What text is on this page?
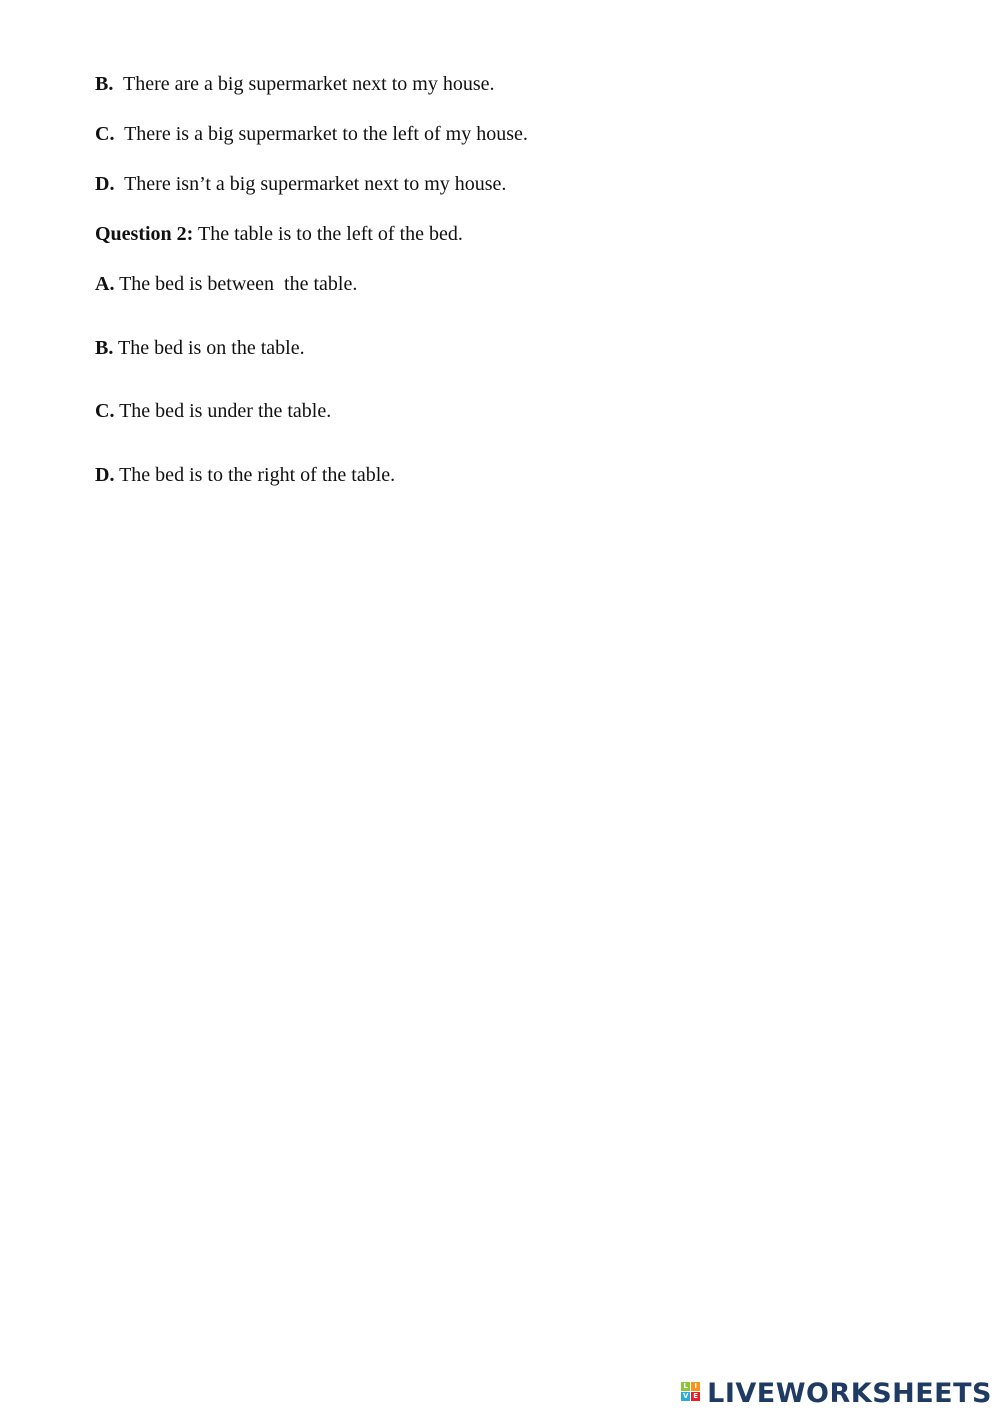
B.  There are a big supermarket next to my house.
C.  There is a big supermarket to the left of my house.
D.  There isn’t a big supermarket next to my house.
Question 2: The table is to the left of the bed.
A. The bed is between  the table.
B. The bed is on the table.
C. The bed is under the table.
D. The bed is to the right of the table.
L I
V E LIVEWORKSHEETS
